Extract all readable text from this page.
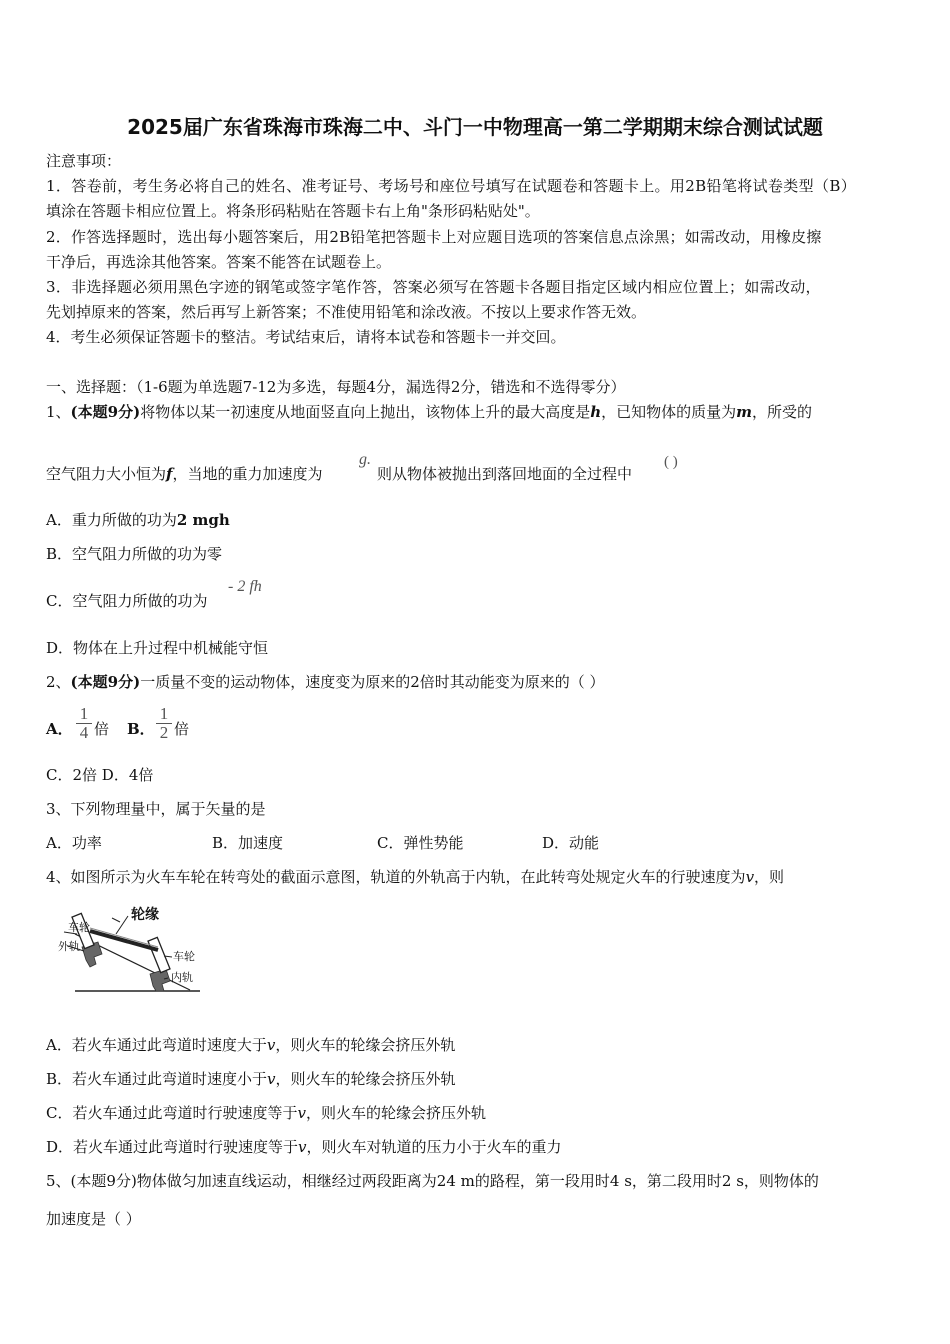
2025届广东省珠海市珠海二中、斗门一中物理高一第二学期期末综合测试试题
注意事项：
1．答卷前，考生务必将自己的姓名、准考证号、考场号和座位号填写在试题卷和答题卡上。用2B铅笔将试卷类型（B）
填涂在答题卡相应位置上。将条形码粘贴在答题卡右上角"条形码粘贴处"。
2．作答选择题时，选出每小题答案后，用2B铅笔把答题卡上对应题目选项的答案信息点涂黑；如需改动，用橡皮擦
干净后，再选涂其他答案。答案不能答在试题卷上。
3．非选择题必须用黑色字迹的钢笔或签字笔作答，答案必须写在答题卡各题目指定区域内相应位置上；如需改动，
先划掉原来的答案，然后再写上新答案；不准使用铅笔和涂改液。不按以上要求作答无效。
4．考生必须保证答题卡的整洁。考试结束后，请将本试卷和答题卡一并交回。
一、选择题：（1-6题为单选题7-12为多选，每题4分，漏选得2分，错选和不选得零分）
1、(本题9分)将物体以某一初速度从地面竖直向上抛出，该物体上升的最大高度是h，已知物体的质量为m，所受的
空气阻力大小恒为f，当地的重力加速度为
g.
则从物体被抛出到落回地面的全过程中
( )
A．重力所做的功为2 mgh
B．空气阻力所做的功为零
C．空气阻力所做的功为
- 2 fh
D．物体在上升过程中机械能守恒
2、(本题9分)一质量不变的运动物体，速度变为原来的2倍时其动能变为原来的（ ）
A． $\frac{1}{4}$ 倍 B． $\frac{1}{2}$ 倍
C．2倍 D．4倍
3、下列物理量中，属于矢量的是
A．功率	B．加速度	C．弹性势能	D．动能
4、如图所示为火车车轮在转弯处的截面示意图，轨道的外轨高于内轨，在此转弯处规定火车的行驶速度为v，则
轮缘
车轮
外轨
车轮
内轨
A．若火车通过此弯道时速度大于v，则火车的轮缘会挤压外轨
B．若火车通过此弯道时速度小于v，则火车的轮缘会挤压外轨
C．若火车通过此弯道时行驶速度等于v，则火车的轮缘会挤压外轨
D．若火车通过此弯道时行驶速度等于v，则火车对轨道的压力小于火车的重力
5、(本题9分)物体做匀加速直线运动，相继经过两段距离为24 m的路程，第一段用时4 s，第二段用时2 s，则物体的
加速度是（ ）
